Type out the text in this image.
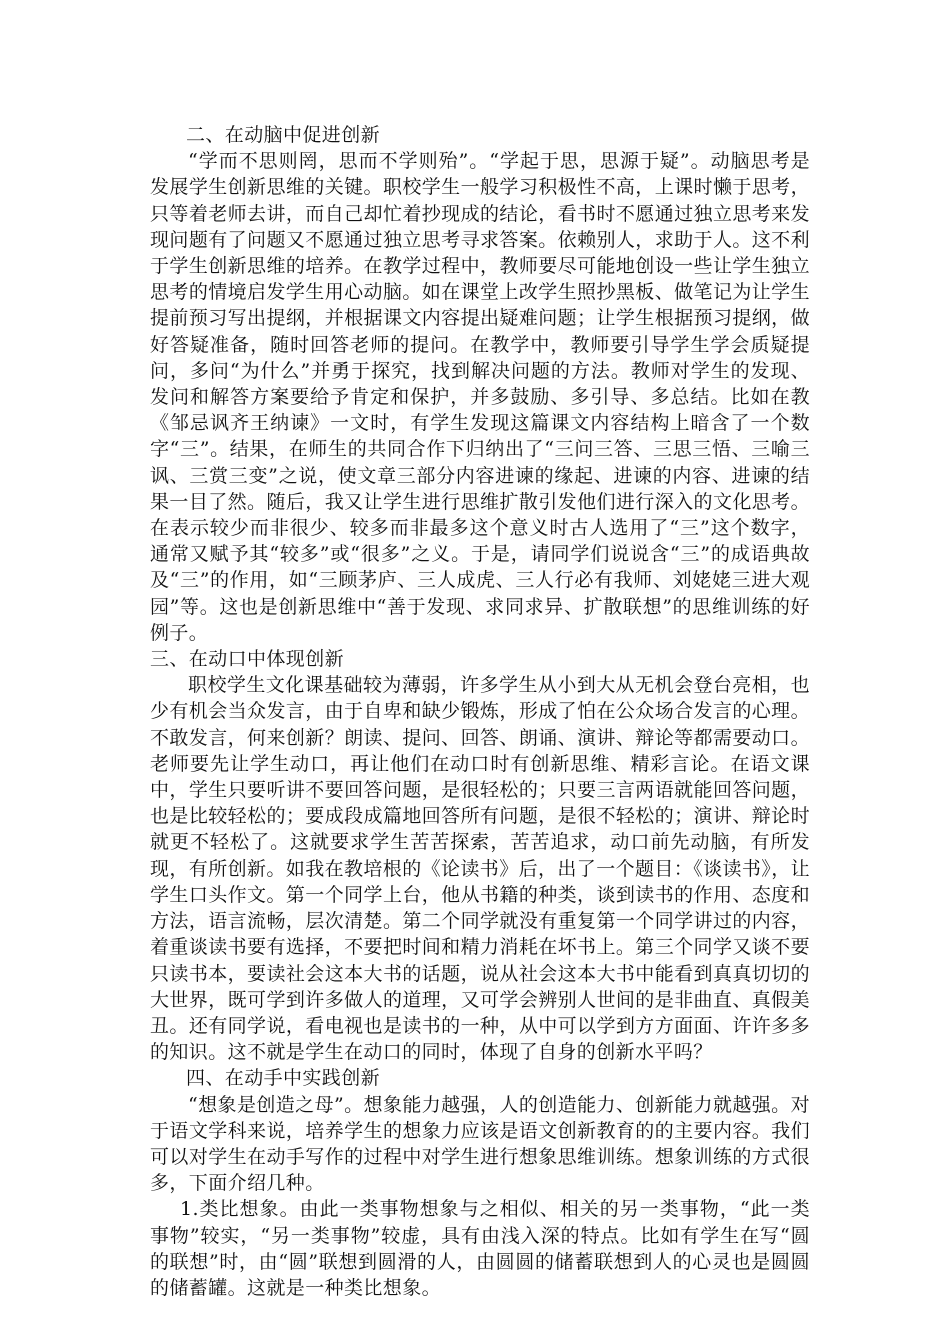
二、在动脑中促进创新

“学而不思则罔，思而不学则殆”。“学起于思，思源于疑”。动脑思考是发展学生创新思维的关键。职校学生一般学习积极性不高，上课时懒于思考，只等着老师去讲，而自己却忙着抄现成的结论，看书时不愿通过独立思考来发现问题有了问题又不愿通过独立思考寻求答案。依赖别人，求助于人。这不利于学生创新思维的培养。在教学过程中，教师要尽可能地创设一些让学生独立思考的情境启发学生用心动脑。如在课堂上改学生照抄黑板、做笔记为让学生提前预习写出提纲，并根据课文内容提出疑难问题；让学生根据预习提纲，做好答疑准备，随时回答老师的提问。在教学中，教师要引导学生学会质疑提问，多问“为什么”并勇于探究，找到解决问题的方法。教师对学生的发现、发问和解答方案要给予肯定和保护，并多鼓励、多引导、多总结。比如在教《邹忌讽齐王纳谏》一文时，有学生发现这篇课文内容结构上暗含了一个数字“三”。结果，在师生的共同合作下归纳出了“三问三答、三思三悟、三喻三讽、三赏三变”之说，使文章三部分内容进谏的缘起、进谏的内容、进谏的结果一目了然。随后，我又让学生进行思维扩散引发他们进行深入的文化思考。在表示较少而非很少、较多而非最多这个意义时古人选用了“三”这个数字，通常又赋予其“较多”或“很多”之义。于是，请同学们说说含“三”的成语典故及“三”的作用，如“三顾茅庐、三人成虎、三人行必有我师、刘姥姥三进大观园”等。这也是创新思维中“善于发现、求同求异、扩散联想”的思维训练的好例子。

三、在动口中体现创新

职校学生文化课基础较为薄弱，许多学生从小到大从无机会登台亮相，也少有机会当众发言，由于自卑和缺少锻炼，形成了怕在公众场合发言的心理。不敢发言，何来创新？朗读、提问、回答、朗诵、演讲、辩论等都需要动口。老师要先让学生动口，再让他们在动口时有创新思维、精彩言论。在语文课中，学生只要听讲不要回答问题，是很轻松的；只要三言两语就能回答问题，也是比较轻松的；要成段成篇地回答所有问题，是很不轻松的；演讲、辩论时就更不轻松了。这就要求学生苦苦探索，苦苦追求，动口前先动脑，有所发现，有所创新。如我在教培根的《论读书》后，出了一个题目：《谈读书》，让学生口头作文。第一个同学上台，他从书籍的种类，谈到读书的作用、态度和方法，语言流畅，层次清楚。第二个同学就没有重复第一个同学讲过的内容，着重谈读书要有选择，不要把时间和精力消耗在坏书上。第三个同学又谈不要只读书本，要读社会这本大书的话题，说从社会这本大书中能看到真真切切的大世界，既可学到许多做人的道理，又可学会辨别人世间的是非曲直、真假美丑。还有同学说，看电视也是读书的一种，从中可以学到方方面面、许许多多的知识。这不就是学生在动口的同时，体现了自身的创新水平吗？

四、在动手中实践创新

“想象是创造之母”。想象能力越强，人的创造能力、创新能力就越强。对于语文学科来说，培养学生的想象力应该是语文创新教育的的主要内容。我们可以对学生在动手写作的过程中对学生进行想象思维训练。想象训练的方式很多，下面介绍几种。

1.类比想象。由此一类事物想象与之相似、相关的另一类事物，“此一类事物”较实，“另一类事物”较虚，具有由浅入深的特点。比如有学生在写“圆的联想”时，由“圆”联想到圆滑的人，由圆圆的储蓄联想到人的心灵也是圆圆的储蓄罐。这就是一种类比想象。
